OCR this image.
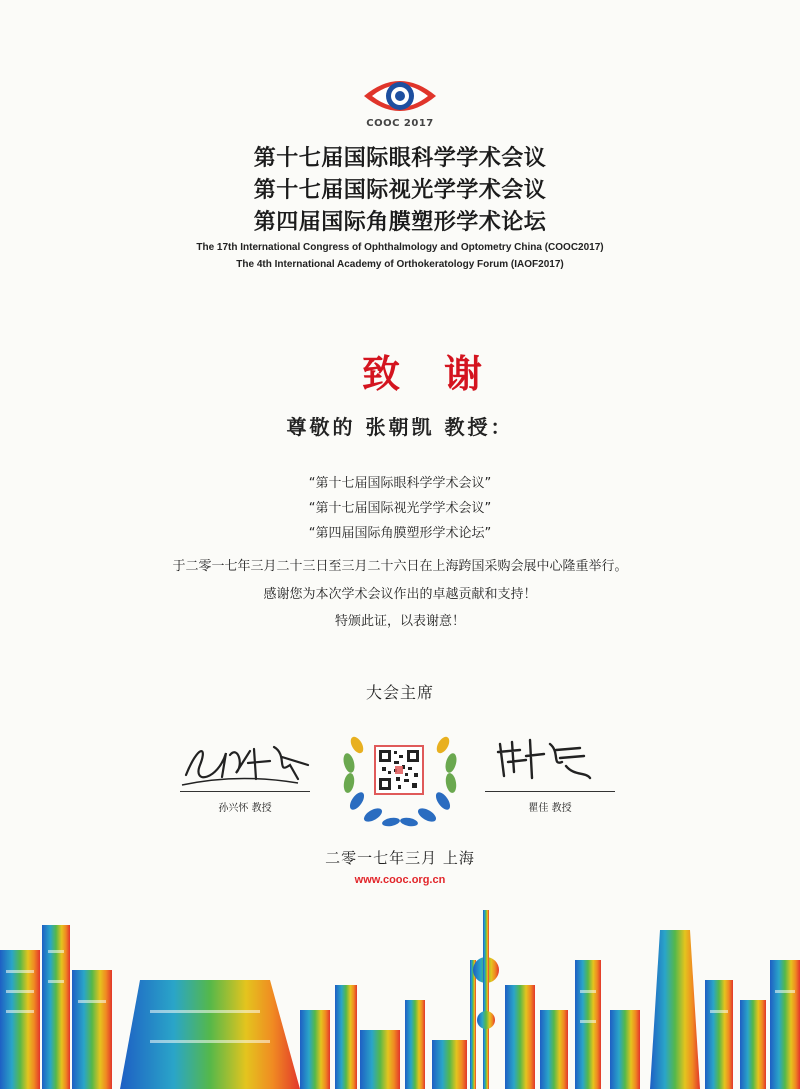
COOC 2017
第十七届国际眼科学学术会议
第十七届国际视光学学术会议
第四届国际角膜塑形学术论坛
The 17th International Congress of Ophthalmology and Optometry China (COOC2017)
The 4th International Academy of Orthokeratology Forum (IAOF2017)
致谢
尊敬的 张朝凯 教授：
“第十七届国际眼科学学术会议”
“第十七届国际视光学学术会议”
“第四届国际角膜塑形学术论坛”
于二零一七年三月二十三日至三月二十六日在上海跨国采购会展中心隆重举行。
感谢您为本次学术会议作出的卓越贡献和支持！
特颁此证，以表谢意！
大会主席
孙兴怀 教授	瞿佳 教授
二零一七年三月 上海
www.cooc.org.cn
